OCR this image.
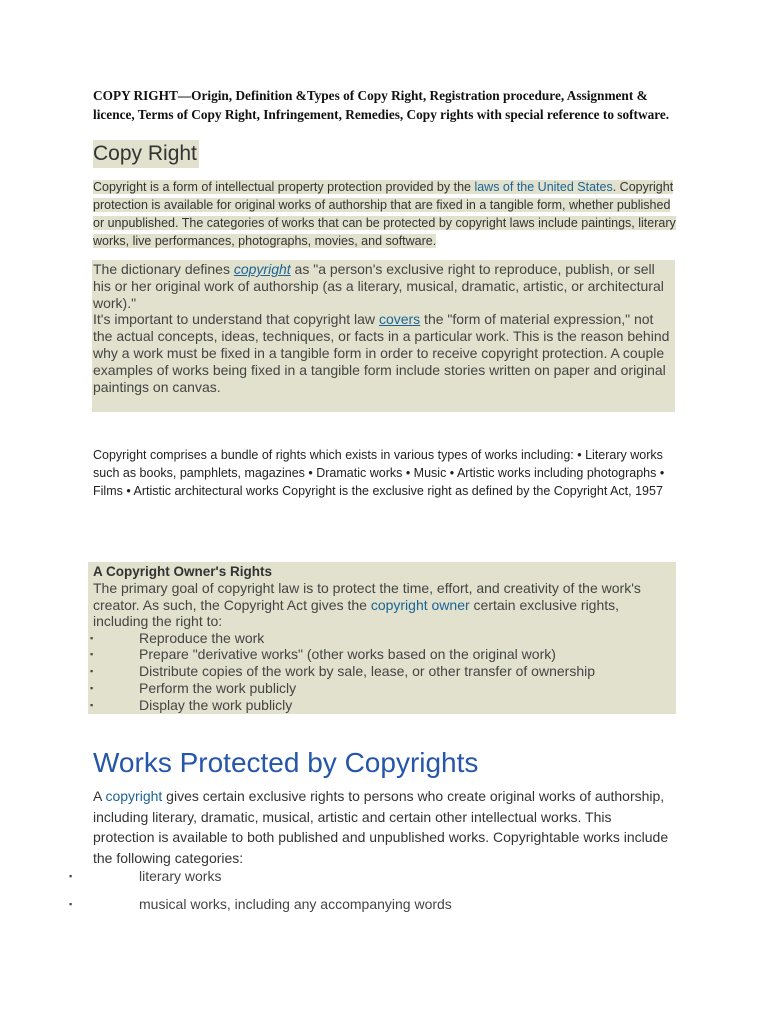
COPY RIGHT—Origin, Definition &Types of Copy Right, Registration procedure, Assignment & licence, Terms of Copy Right, Infringement, Remedies, Copy rights with special reference to software.

Copy Right
Copyright is a form of intellectual property protection provided by the laws of the United States. Copyright protection is available for original works of authorship that are fixed in a tangible form, whether published or unpublished. The categories of works that can be protected by copyright laws include paintings, literary works, live performances, photographs, movies, and software.
The dictionary defines copyright as "a person's exclusive right to reproduce, publish, or sell his or her original work of authorship (as a literary, musical, dramatic, artistic, or architectural work)."
It's important to understand that copyright law covers the "form of material expression," not the actual concepts, ideas, techniques, or facts in a particular work. This is the reason behind why a work must be fixed in a tangible form in order to receive copyright protection. A couple examples of works being fixed in a tangible form include stories written on paper and original paintings on canvas.
Copyright comprises a bundle of rights which exists in various types of works including: • Literary works such as books, pamphlets, magazines • Dramatic works • Music • Artistic works including photographs • Films • Artistic architectural works Copyright is the exclusive right as defined by the Copyright Act, 1957
A Copyright Owner's Rights
The primary goal of copyright law is to protect the time, effort, and creativity of the work's creator. As such, the Copyright Act gives the copyright owner certain exclusive rights, including the right to:
▪	Reproduce the work
▪	Prepare "derivative works" (other works based on the original work)
▪	Distribute copies of the work by sale, lease, or other transfer of ownership
▪	Perform the work publicly
▪	Display the work publicly
Works Protected by Copyrights
A copyright gives certain exclusive rights to persons who create original works of authorship, including literary, dramatic, musical, artistic and certain other intellectual works. This protection is available to both published and unpublished works. Copyrightable works include the following categories:
▪	literary works
▪	musical works, including any accompanying words
